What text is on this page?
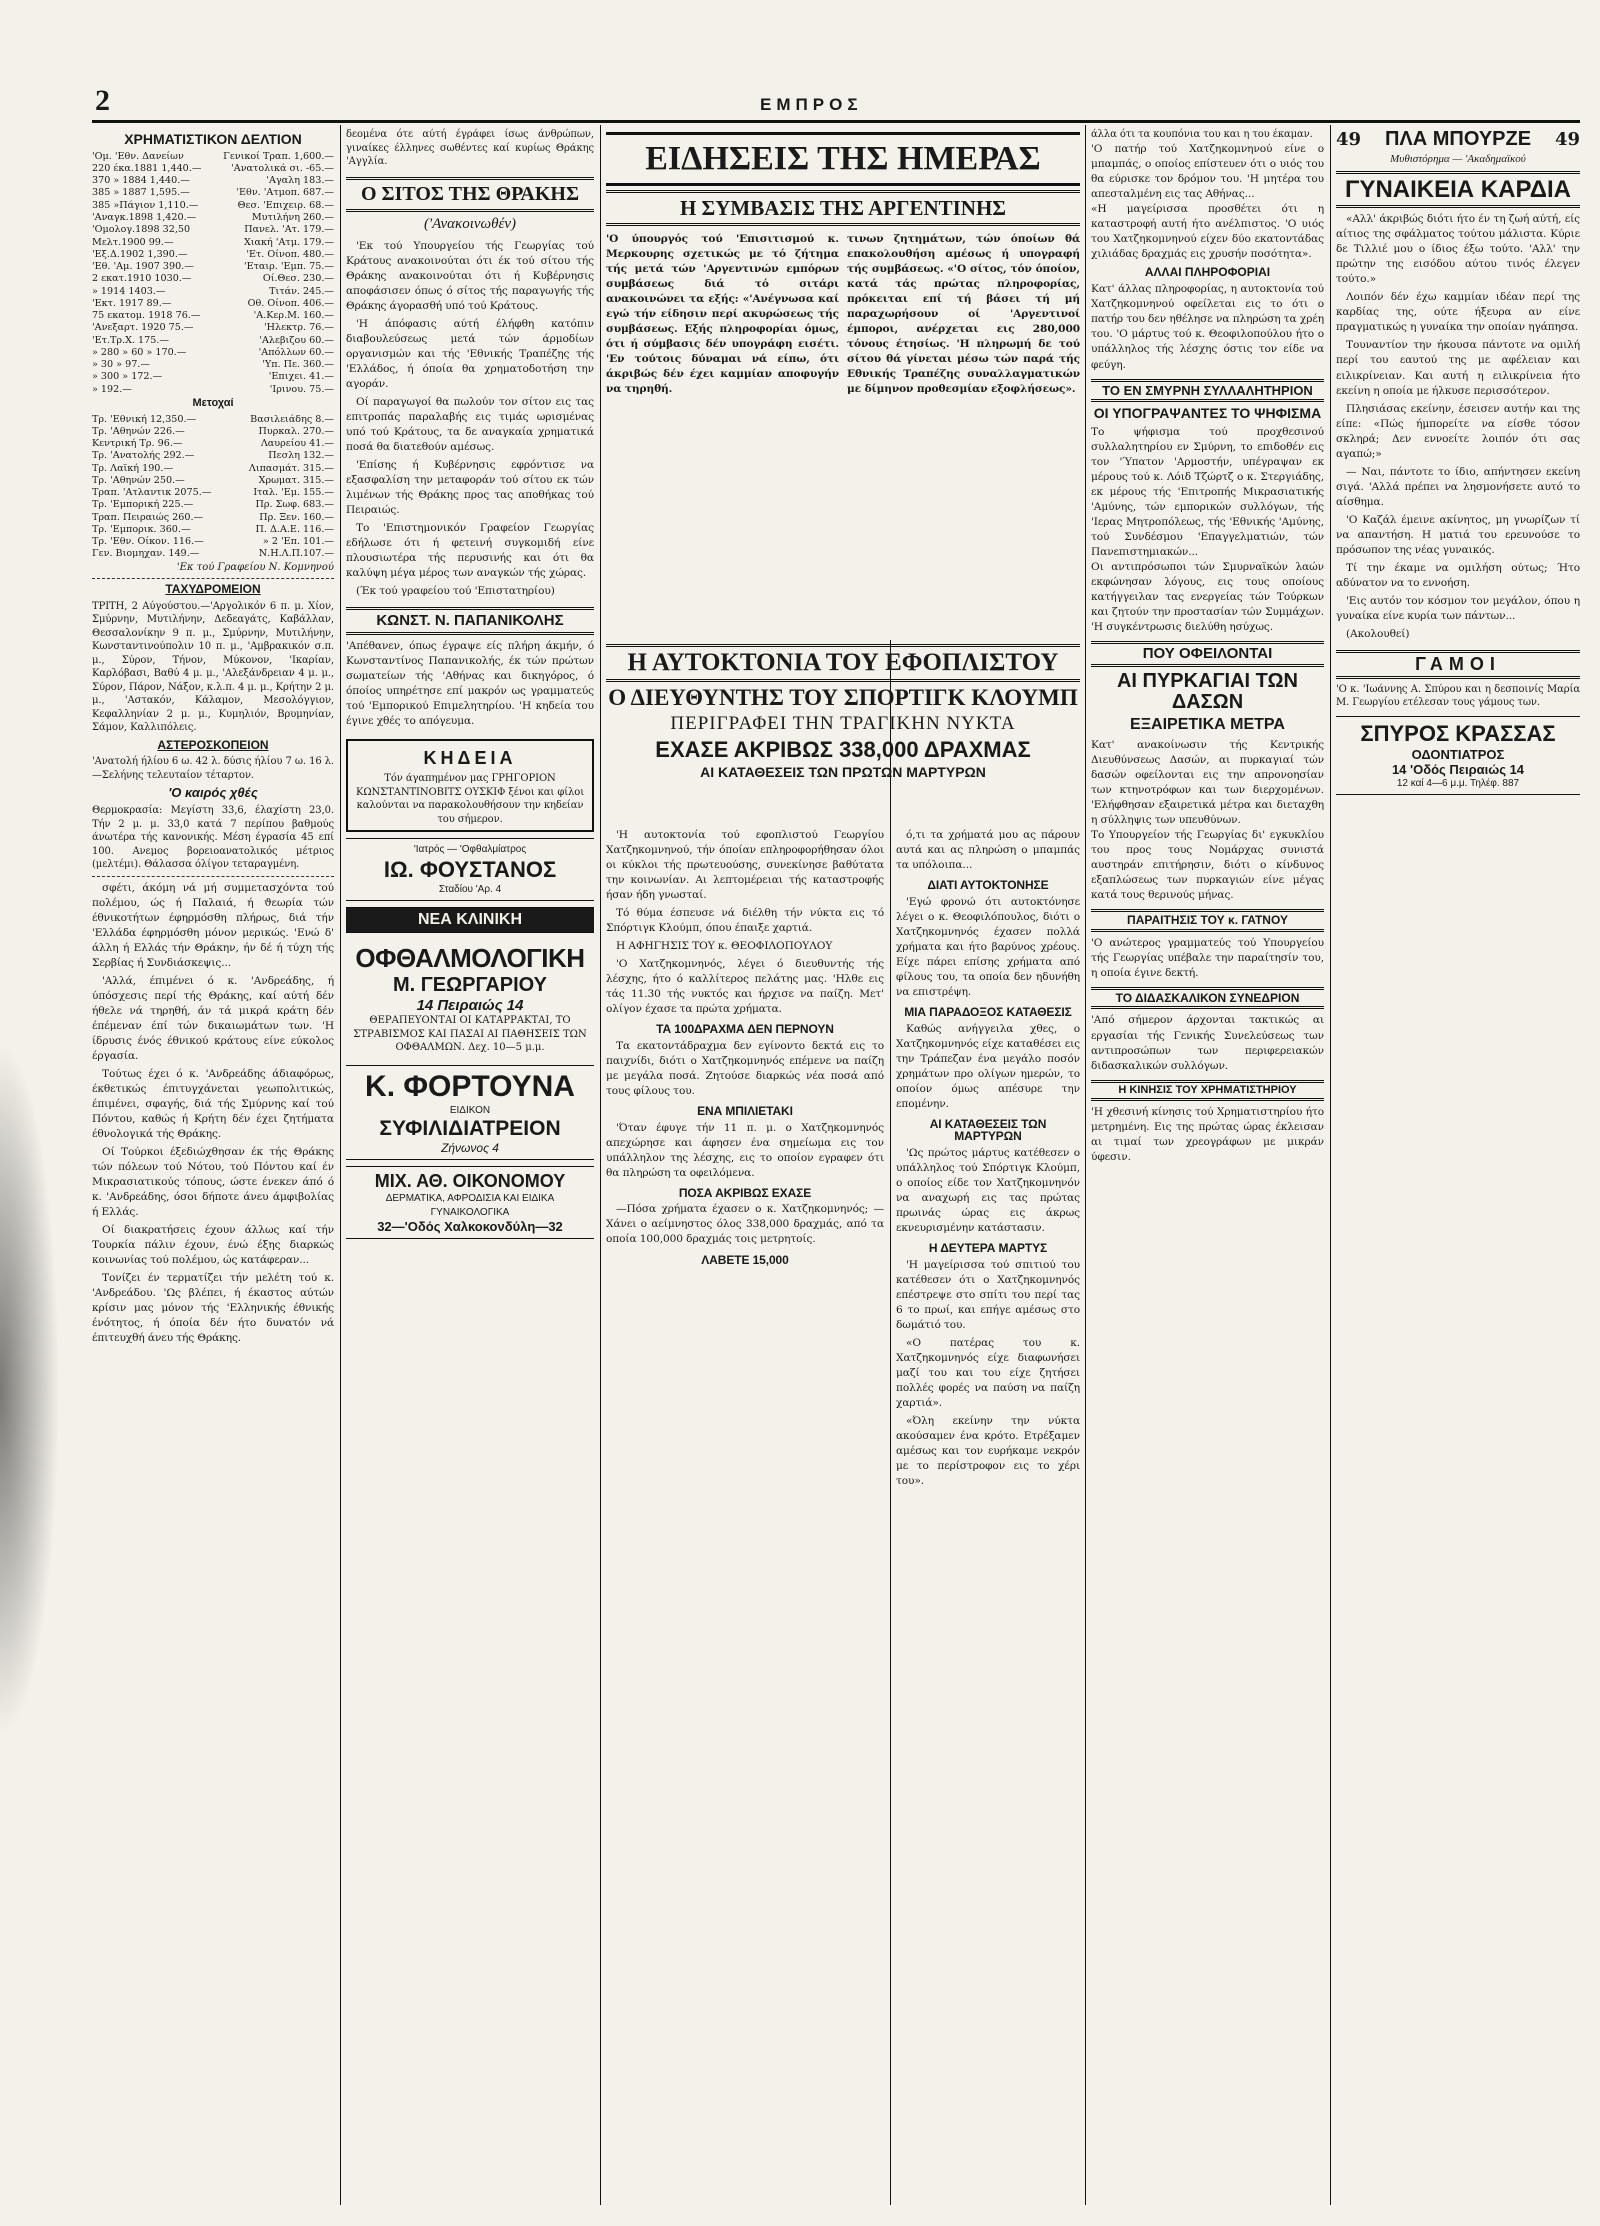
2	ΕΜΠΡΟΣ
ΧΡΗΜΑΤΙΣΤΙΚΟΝ ΔΕΛΤΙΟΝ
'Ομ. 'Εθν. Δανείων	Γενικοί Τραπ. 1,600.—
220 έκα.1881 1,440.—	'Ανατολικά σι. -65.—
370 » 1884 1,440.—	'Αγαλη 183.—
385 » 1887 1,595.—	'Εθν. 'Ατμοπ. 687.—
385 »Πάγιον 1,110.—	Θεσ. 'Επιχειρ. 68.—
'Αναγκ.1898 1,420.—	Μυτιλήνη 260.—
'Ομολογ.1898 32,50	Πανελ. 'Ατ. 179.—
Μελτ.1900 99.—	Χιακή 'Ατμ. 179.—
'Εξ.Δ.1902 1,390.—	'Ετ. Οίνοπ. 480.—
'Εθ. 'Αμ. 1907 390.—	'Εταιρ. 'Εμπ. 75.—
2 εκατ.1910 1030.—	Οί.Θεσ. 230.—
» 1914 1403.—	Τιτάν. 245.—
'Εκτ. 1917 89.—	Οθ. Οίνοπ. 406.—
75 εκατομ. 1918 76.—	'Α.Κερ.Μ. 160.—
'Ανεξαρτ. 1920 75.—	'Ηλεκτρ. 76.—
'Ετ.Τρ.Χ. 175.—	'Αλεβιζου 60.—
» 280 » 60 » 170.—	'Απόλλων 60.—
» 30 » 97.—	'Υπ. Πε. 360.—
» 300 » 172.—	'Επιχει. 41.—
» 192.—	'Ιρινου. 75.—
Μετοχαί
Τρ. 'Εθνική 12,350.—	Βασιλειάδης 8.—
Τρ. 'Αθηνών 226.—	Πυρκαλ. 270.—
Κεντρική Τρ. 96.—	Λαυρείου 41.—
Τρ. 'Ανατολής 292.—	Πεσλη 132.—
Τρ. Λαϊκή 190.—	Λιπασμάτ. 315.—
Τρ. 'Αθηνών 250.—	Χρωματ. 315.—
Τραπ. 'Ατλαντικ 2075.—	Ιταλ. 'Εμ. 155.—
Τρ. 'Εμπορική 225.—	Πρ. Σωφ. 683.—
Τραπ. Πειραιώς 260.—	Πρ. Ξεν. 160.—
Τρ. 'Εμπορικ. 360.—	Π. Δ.Α.Ε. 116.—
Τρ. 'Εθν. Οίκον. 116.—	» 2 'Επ. 101.—
Γεν. Βιομηχαν. 149.—	Ν.Η.Λ.Π.107.—
'Εκ τού Γραφείου Ν. Κομνηνού
ΤΑΧΥΔΡΟΜΕΙΟΝ
ΤΡΙΤΗ, 2 Αύγούστου.—'Αργολικόν 6 π. μ. Χίον, Σμύρνην, Μυτιλήνην, Δεδεαγάτς, Καβάλλαν, Θεσσαλονίκην 9 π. μ., Σμύρνην, Μυτιλήνην, Κωνσταντινούπολιν 10 π. μ., 'Αμβρακικόν σ.π. μ., Σύρον, Τήνον, Μύκονον, 'Ικαρίαν, Καρλόβασι, Βαθύ 4 μ. μ., 'Αλεξάνδρειαν 4 μ. μ., Σύρον, Πάρον, Νάξον, κ.λ.π. 4 μ. μ., Κρήτην 2 μ. μ., 'Αστακόν, Κάλαμον, Μεσολόγγιον, Κεφαλληνίαν 2 μ. μ., Κυμηλιόν, Βρυμηνίαν, Σάμον, Καλλιπόλεις.
ΑΣΤΕΡΟΣΚΟΠΕΙΟΝ
'Ανατολή ήλίου 6 ω. 42 λ. δύσις ήλίου 7 ω. 16 λ.—Σελήνης τελευταίον τέταρτον.
'Ο καιρός χθές
Θερμοκρασία: Μεγίστη 33,6, έλαχίστη 23,0. Τήν 2 μ. μ. 33,0 κατά 7 περίπου βαθμούς άνωτέρα τής κανονικής. Μέση έγρασία 45 επί 100. Ανεμος βορειοανατολικός μέτριος (μελτέμι). Θάλασσα όλίγον τεταραγμένη.

σφέτι, άκόμη νά μή συμμετασχόντα τού πολέμου, ώς ή Παλαιά, ή ϑεωρία τών έθνικοτήτων έφηρμόσθη πλήρως, διά τήν 'Ελλάδα έφηρμόσθη μόνον μερικώς. 'Ενώ δ' άλλη ή Ελλάς τήν Θράκην, ήν δέ ή τύχη τής Σερβίας ή Συνδιάσκεψις...

'Αλλά, έπιμένει ό κ. 'Ανδρεάδης, ή ύπόσχεσις περί τής Θράκης, καί αύτή δέν ήθελε νά τηρηθή, άν τά μικρά κράτη δέν έπέμεναν έπί τών δικαιωμάτων των. 'Η ίδρυσις ένός έθνικού κράτους είνε εύκολος έργασία.

Τούτως έχει ό κ. 'Ανδρεάδης άδιαφόρως, έκθετικώς έπιτυγχάνεται γεωπολιτικώς, έπιμένει, σφαγής, διά τής Σμύρνης καί τού Πόντου, καθώς ή Κρήτη δέν έχει ζητήματα έθνολογικά τής Θράκης.

Οί Τούρκοι έξεδιώχθησαν έκ τής Θράκης τών πόλεων τού Νότου, τού Πόντου καί έν Μικρασιατικούς τόπους, ώστε ένεκεν άπό ό κ. 'Ανδρεάδης, όσοι δήποτε άνευ άμφιβολίας ή Ελλάς.

Οί διακρατήσεις έχουν άλλως καί τήν Τουρκία πάλιν έχουν, ένώ έξης διαρκώς κοινωνίας τού πολέμου, ώς κατάφεραν...

Τονίζει έν τερματίζει τήν μελέτη τού κ. 'Ανδρεάδου. 'Ως βλέπει, ή έκαστος αύτών κρίσιν μας μόνον τής 'Ελληνικής έθνικής ένότητος, ή όποία δέν ήτο δυνατόν νά έπιτευχθή άνευ τής Θράκης.

δεομένα ότε αύτή έγράφει ίσως άνθρώπων, γιναίκες έλληνες σωθέντες καί κυρίως Θράκης 'Αγγλία.
Ο ΣΙΤΟΣ ΤΗΣ ΘΡΑΚΗΣ
('Ανακοινωθέν)

'Εκ τού Υπουργείου τής Γεωργίας τού Κράτους ανακοινούται ότι έκ τού σίτου τής Θράκης ανακοινούται ότι ή Κυβέρνησις αποφάσισεν όπως ό σίτος τής παραγωγής τής Θράκης άγορασθή υπό τού Κράτους.

'Η άπόφασις αύτή έλήφθη κατόπιν διαβουλεύσεως μετά τών άρμοδίων οργανισμών και τής 'Εθνικής Τραπέζης τής 'Ελλάδος, ή όποία θα χρηματοδοτήση την αγοράν.

Οί παραγωγοί θα πωλούν τον σίτον εις τας επιτροπάς παραλαβής εις τιμάς ωρισμένας υπό τού Κράτους, τα δε αναγκαία χρηματικά ποσά θα διατεθούν αμέσως.

'Επίσης ή Κυβέρνησις εφρόντισε να εξασφαλίση την μεταφοράν τού σίτου εκ τών λιμένων τής Θράκης προς τας αποθήκας τού Πειραιώς.

Το 'Επιστημονικόν Γραφείον Γεωργίας εδήλωσε ότι ή φετεινή συγκομιδή είνε πλουσιωτέρα τής περυσινής και ότι θα καλύψη μέγα μέρος των αναγκών τής χώρας.

(Έκ τού γραφείου τού 'Επιστατηρίου)

ΚΩΝΣΤ. Ν. ΠΑΠΑΝΙΚΟΛΗΣ
'Απέθανεν, όπως έγραψε είς πλήρη άκμήν, ό Κωνσταντίνος Παπανικολής, έκ τών πρώτων σωματείων τής 'Αθήνας και δικηγόρος, ό όποίος υπηρέτησε επί μακρόν ως γραμματεύς τού 'Εμπορικού Επιμελητηρίου. 'Η κηδεία του έγινε χθές το απόγευμα.
ΚΗΔΕΙΑ
Τόν άγαπημένον μας ΓΡΗΓΟΡΙΟΝ ΚΩΝΣΤΑΝΤΙΝΟΒΙΤΣ ΟΥΣΚΙΦ ξένοι και φίλοι καλούνται να παρακολουθήσουν την κηδείαν του σήμερον.
'Ιατρός — 'Οφθαλμίατρος
ΙΩ. ΦΟΥΣΤΑΝΟΣ
Σταδίου 'Αρ. 4
ΝΕΑ ΚΛΙΝΙΚΗ
ΟΦΘΑΛΜΟΛΟΓΙΚΗ
Μ. ΓΕΩΡΓΑΡΙΟΥ
14 Πειραιώς 14
ΘΕΡΑΠΕΥΟΝΤΑΙ ΟΙ ΚΑΤΑΡΡΑΚΤΑΙ, ΤΟ ΣΤΡΑΒΙΣΜΟΣ ΚΑΙ ΠΑΣΑΙ ΑΙ ΠΑΘΗΣΕΙΣ ΤΩΝ ΟΦΘΑΛΜΩΝ. Δεχ. 10—5 μ.μ.
Κ. ΦΟΡΤΟΥΝΑ
ΕΙΔΙΚΟΝ
ΣΥΦΙΛΙΔΙΑΤΡΕΙΟΝ
Ζήνωνος 4
ΜΙΧ. ΑΘ. ΟΙΚΟΝΟΜΟΥ
ΔΕΡΜΑΤΙΚΑ, ΑΦΡΟΔΙΣΙΑ ΚΑΙ ΕΙΔΙΚΑ ΓΥΝΑΙΚΟΛΟΓΙΚΑ
32—'Οδός Χαλκοκονδύλη—32
ΕΙΔΗΣΕΙΣ ΤΗΣ ΗΜΕΡΑΣ
Η ΣΥΜΒΑΣΙΣ ΤΗΣ ΑΡΓΕΝΤΙΝΗΣ
'Ο ύπουργός τού 'Επισιτισμού κ. Μερκουρης σχετικώς με τό ζήτημα τής μετά τών 'Αργεντινών εμπόρων συμβάσεως διά τό σιτάρι ανακοινώνει τα εξής: «'Ανέγνωσα καί εγώ τήν είδησιν περί ακυρώσεως τής συμβάσεως. Εξής πληροφορίαι όμως, ότι ή σύμβασις δέν υπογράφη εισέτι. 'Εν τούτοις δύναμαι νά είπω, ότι άκριβώς δέν έχει καμμίαν αποφυγήν να τηρηθή.
τινων ζητημάτων, τών όποίων θά επακολουθήση αμέσως ή υπογραφή τής συμβάσεως. «'Ο σίτος, τόν όποίον, κατά τάς πρώτας πληροφορίας, πρόκειται επί τή βάσει τή μή παραχωρήσουν οί 'Αργεντινοί έμποροι, ανέρχεται εις 280,000 τόνους έτησίως. 'Η πληρωμή δε τού σίτου θά γίνεται μέσω τών παρά τής Εθνικής Τραπέζης συναλλαγματικών με δίμηνον προθεσμίαν εξοφλήσεως».
Η ΑΥΤΟΚΤΟΝΙΑ ΤΟΥ ΕΦΟΠΛΙΣΤΟΥ
Ο ΔΙΕΥΘΥΝΤΗΣ ΤΟΥ ΣΠΟΡΤΙΓΚ ΚΛΟΥΜΠ
ΠΕΡΙΓΡΑΦΕΙ ΤΗΝ ΤΡΑΓΙΚΗΝ ΝΥΚΤΑ
ΕΧΑΣΕ ΑΚΡΙΒΩΣ 338,000 ΔΡΑΧΜΑΣ
ΑΙ ΚΑΤΑΘΕΣΕΙΣ ΤΩΝ ΠΡΩΤΩΝ ΜΑΡΤΥΡΩΝ

'Η αυτοκτονία τού εφοπλιστού Γεωργίου Χατζηκομνηνού, τήν όποίαν επληροφορήθησαν όλοι οι κύκλοι τής πρωτευούσης, συνεκίνησε βαθύτατα την κοινωνίαν. Αι λεπτομέρειαι τής καταστροφής ήσαν ήδη γνωσταί.

Τό θύμα έσπευσε νά διέλθη τήν νύκτα εις τό Σπόρτιγκ Κλούμπ, όπου έπαιξε χαρτιά.

Η ΑΦΗΓΗΣΙΣ ΤΟΥ κ. ΘΕΟΦΙΛΟΠΟΥΛΟΥ

'Ο Χατζηκομνηνός, λέγει ό διευθυντής τής λέσχης, ήτο ό καλλίτερος πελάτης μας. 'Ηλθε εις τάς 11.30 τής νυκτός και ήρχισε να παίζη. Μετ' ολίγον έχασε τα πρώτα χρήματα.

ΤΑ 100ΔΡΑΧΜΑ ΔΕΝ ΠΕΡΝΟΥΝ

Τα εκατοντάδραχμα δεν εγίνοντο δεκτά εις το παιχνίδι, διότι ο Χατζηκομνηνός επέμενε να παίζη με μεγάλα ποσά. Ζητούσε διαρκώς νέα ποσά από τους φίλους του.

ΕΝΑ ΜΠΙΛΙΕΤΑΚΙ

'Όταν έφυγε τήν 11 π. μ. ο Χατζηκομνηνός απεχώρησε και άφησεν ένα σημείωμα εις τον υπάλληλον της λέσχης, εις το οποίον εγραφεν ότι θα πληρώση τα οφειλόμενα.

ΠΟΣΑ ΑΚΡΙΒΩΣ ΕΧΑΣΕ

—Πόσα χρήματα έχασεν ο κ. Χατζηκομνηνός; —Χάνει ο αείμνηστος όλος 338,000 δραχμάς, από τα οποία 100,000 δραχμάς τοις μετρητοίς.

ΛΑΒΕΤΕ 15,000

ό,τι τα χρήματά μου ας πάρουν αυτά και ας πληρώση ο μπαμπάς τα υπόλοιπα...

ΔΙΑΤΙ ΑΥΤΟΚΤΟΝΗΣΕ

'Εγώ φρονώ ότι αυτοκτόνησε λέγει ο κ. Θεοφιλόπουλος, διότι ο Χατζηκομνηνός έχασεν πολλά χρήματα και ήτο βαρύνος χρέους. Είχε πάρει επίσης χρήματα από φίλους του, τα οποία δεν ηδυνήθη να επιστρέψη.

ΜΙΑ ΠΑΡΑΔΟΞΟΣ ΚΑΤΑΘΕΣΙΣ

Καθώς ανήγγειλα χθες, ο Χατζηκομνηνός είχε καταθέσει εις την Τράπεζαν ένα μεγάλο ποσόν χρημάτων προ ολίγων ημερών, το οποίον όμως απέσυρε την επομένην.

ΑΙ ΚΑΤΑΘΕΣΕΙΣ ΤΩΝ ΜΑΡΤΥΡΩΝ

'Ως πρώτος μάρτυς κατέθεσεν ο υπάλληλος τού Σπόρτιγκ Κλούμπ, ο οποίος είδε τον Χατζηκομνηνόν να αναχωρή εις τας πρώτας πρωινάς ώρας εις άκρως εκνευρισμένην κατάστασιν.

Η ΔΕΥΤΕΡΑ ΜΑΡΤΥΣ

'Η μαγείρισσα τού σπιτιού του κατέθεσεν ότι ο Χατζηκομνηνός επέστρεψε στο σπίτι του περί τας 6 το πρωί, και επήγε αμέσως στο δωμάτιό του.

«Ο πατέρας του κ. Χατζηκομνηνός είχε διαφωνήσει μαζί του και του είχε ζητήσει πολλές φορές να παύση να παίζη χαρτιά».

«Όλη εκείνην την νύκτα ακούσαμεν ένα κρότο. Ετρέξαμεν αμέσως και τον ευρήκαμε νεκρόν με το περίστροφον εις το χέρι του».

άλλα ότι τα κουπόνια του και η του έκαμαν.
'Ο πατήρ τού Χατζηκομνηνού είνε ο μπαμπάς, ο οποίος επίστευεν ότι ο υιός του θα εύρισκε τον δρόμον του. 'Η μητέρα του απεσταλμένη εις τας Αθήνας...
«Η μαγείρισσα προσθέτει ότι η καταστροφή αυτή ήτο ανέλπιστος. 'Ο υιός του Χατζηκομνηνού είχεν δύο εκατοντάδας χιλιάδας δραχμάς εις χρυσήν ποσότητα».
ΑΛΛΑΙ ΠΛΗΡΟΦΟΡΙΑΙ
Κατ' άλλας πληροφορίας, η αυτοκτονία τού Χατζηκομνηνού οφείλεται εις το ότι ο πατήρ του δεν ηθέλησε να πληρώση τα χρέη του. 'Ο μάρτυς τού κ. Θεοφιλοπούλου ήτο ο υπάλληλος τής λέσχης όστις τον είδε να φεύγη.
ΤΟ ΕΝ ΣΜΥΡΝΗ ΣΥΛΛΑΛΗΤΗΡΙΟΝ
ΟΙ ΥΠΟΓΡΑΨΑΝΤΕΣ ΤΟ ΨΗΦΙΣΜΑ
Το ψήφισμα τού προχθεσινού συλλαλητηρίου εν Σμύρνη, το επιδοθέν εις τον 'Ύπατον 'Αρμοστήν, υπέγραψαν εκ μέρους τού κ. Λόιδ Τζώρτζ ο κ. Στεργιάδης, εκ μέρους τής 'Επιτροπής Μικρασιατικής 'Αμύνης, τών εμπορικών συλλόγων, τής 'Ιερας Μητροπόλεως, τής 'Εθνικής 'Αμύνης, τού Συνδέσμου 'Επαγγελματιών, τών Πανεπιστημιακών...
Οι αντιπρόσωποι τών Σμυρναϊκών λαών εκφώνησαν λόγους, εις τους οποίους κατήγγειλαν τας ενεργείας τών Τούρκων και ζητούν την προστασίαν τών Συμμάχων. 'Η συγκέντρωσις διελύθη ησύχως.
ΠΟΥ ΟΦΕΙΛΟΝΤΑΙ
ΑΙ ΠΥΡΚΑΓΙΑΙ ΤΩΝ ΔΑΣΩΝ
ΕΞΑΙΡΕΤΙΚΑ ΜΕΤΡΑ
Κατ' ανακοίνωσιν τής Κεντρικής Διευθύνσεως Δασών, αι πυρκαγιαί τών δασών οφείλονται εις την απρονοησίαν των κτηνοτρόφων και των διερχομένων. 'Ελήφθησαν εξαιρετικά μέτρα και διεταχθη η σύλληψις των υπευθύνων.
Το Υπουργείον τής Γεωργίας δι' εγκυκλίου του προς τους Νομάρχας συνιστά αυστηράν επιτήρησιν, διότι ο κίνδυνος εξαπλώσεως των πυρκαγιών είνε μέγας κατά τους θερινούς μήνας.
ΠΑΡΑΙΤΗΣΙΣ ΤΟΥ κ. ΓΑΤΝΟΥ
'Ο ανώτερος γραμματεύς τού Υπουργείου τής Γεωργίας υπέβαλε την παραίτησίν του, η οποία έγινε δεκτή.
ΤΟ ΔΙΔΑΣΚΑΛΙΚΟΝ ΣΥΝΕΔΡΙΟΝ
'Από σήμερον άρχονται τακτικώς αι εργασίαι τής Γενικής Συνελεύσεως των αντιπροσώπων των περιφερειακών διδασκαλικών συλλόγων.
Η ΚΙΝΗΣΙΣ ΤΟΥ ΧΡΗΜΑΤΙΣΤΗΡΙΟΥ
'Η χθεσινή κίνησις τού Χρηματιστηρίου ήτο μετρημένη. Εις της πρώτας ώρας έκλεισαν αι τιμαί των χρεογράφων με μικράν ύφεσιν.
49 ΠΛΑ ΜΠΟΥΡΖΕ 49
Μυθιστόρημα — 'Ακαδημαϊκού
ΓΥΝΑΙΚΕΙΑ ΚΑΡΔΙΑ

«Αλλ' άκριβώς διότι ήτο έν τη ζωή αύτή, είς αίτιος της σφάλματος τούτου μάλιστα. Κύριε δε Τιλλιέ μου ο ίδιος έξω τούτο. 'Αλλ' την πρώτην της εισόδου αύτου τινός έλεγεν τούτο.»

Λοιπόν δέν έχω καμμίαν ιδέαν περί της καρδίας της, ούτε ήξευρα αν είνε πραγματικώς η γυναίκα την οποίαν ηγάπησα.

Τουναντίον την ήκουσα πάντοτε να ομιλή περί του εαυτού της με αφέλειαν και ειλικρίνειαν. Και αυτή η ειλικρίνεια ήτο εκείνη η οποία με ήλκυσε περισσότερον.

Πλησιάσας εκείνην, έσεισεν αυτήν και της είπε: «Πώς ήμπορείτε να είσθε τόσον σκληρά; Δεν εννοείτε λοιπόν ότι σας αγαπώ;»

— Ναι, πάντοτε το ίδιο, απήντησεν εκείνη σιγά. 'Αλλά πρέπει να λησμονήσετε αυτό το αίσθημα.

'Ο Καζάλ έμεινε ακίνητος, μη γνωρίζων τί να απαντήση. Η ματιά του ερευνούσε το πρόσωπον της νέας γυναικός.

Τί την έκαμε να ομιλήση ούτως; Ήτο αδύνατον να το εννοήση.

'Εις αυτόν τον κόσμον τον μεγάλον, όπου η γυναίκα είνε κυρία των πάντων...

(Ακολουθεί)

ΓΑΜΟΙ
'Ο κ. 'Ιωάννης Α. Σπύρου και η δεσποινίς Μαρία Μ. Γεωργίου ετέλεσαν τους γάμους των.
ΣΠΥΡΟΣ ΚΡΑΣΣΑΣ
ΟΔΟΝΤΙΑΤΡΟΣ
14 'Οδός Πειραιώς 14
12 καί 4—6 μ.μ. Τηλέφ. 887
